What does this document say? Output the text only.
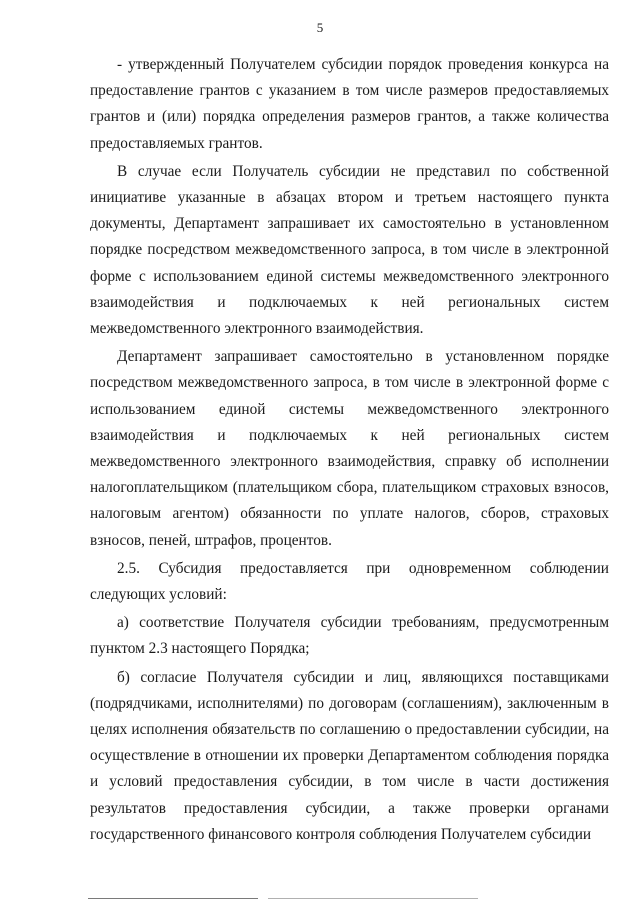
5

- утвержденный Получателем субсидии порядок проведения конкурса на предоставление грантов с указанием в том числе размеров предоставляемых грантов и (или) порядка определения размеров грантов, а также количества предоставляемых грантов.

В случае если Получатель субсидии не представил по собственной инициативе указанные в абзацах втором и третьем настоящего пункта документы, Департамент запрашивает их самостоятельно в установленном порядке посредством межведомственного запроса, в том числе в электронной форме с использованием единой системы межведомственного электронного взаимодействия и подключаемых к ней региональных систем межведомственного электронного взаимодействия.

Департамент запрашивает самостоятельно в установленном порядке посредством межведомственного запроса, в том числе в электронной форме с использованием единой системы межведомственного электронного взаимодействия и подключаемых к ней региональных систем межведомственного электронного взаимодействия, справку об исполнении налогоплательщиком (плательщиком сбора, плательщиком страховых взносов, налоговым агентом) обязанности по уплате налогов, сборов, страховых взносов, пеней, штрафов, процентов.

2.5. Субсидия предоставляется при одновременном соблюдении следующих условий:

а) соответствие Получателя субсидии требованиям, предусмотренным пунктом 2.3 настоящего Порядка;

б) согласие Получателя субсидии и лиц, являющихся поставщиками (подрядчиками, исполнителями) по договорам (соглашениям), заключенным в целях исполнения обязательств по соглашению о предоставлении субсидии, на осуществление в отношении их проверки Департаментом соблюдения порядка и условий предоставления субсидии, в том числе в части достижения результатов предоставления субсидии, а также проверки органами государственного финансового контроля соблюдения Получателем субсидии
